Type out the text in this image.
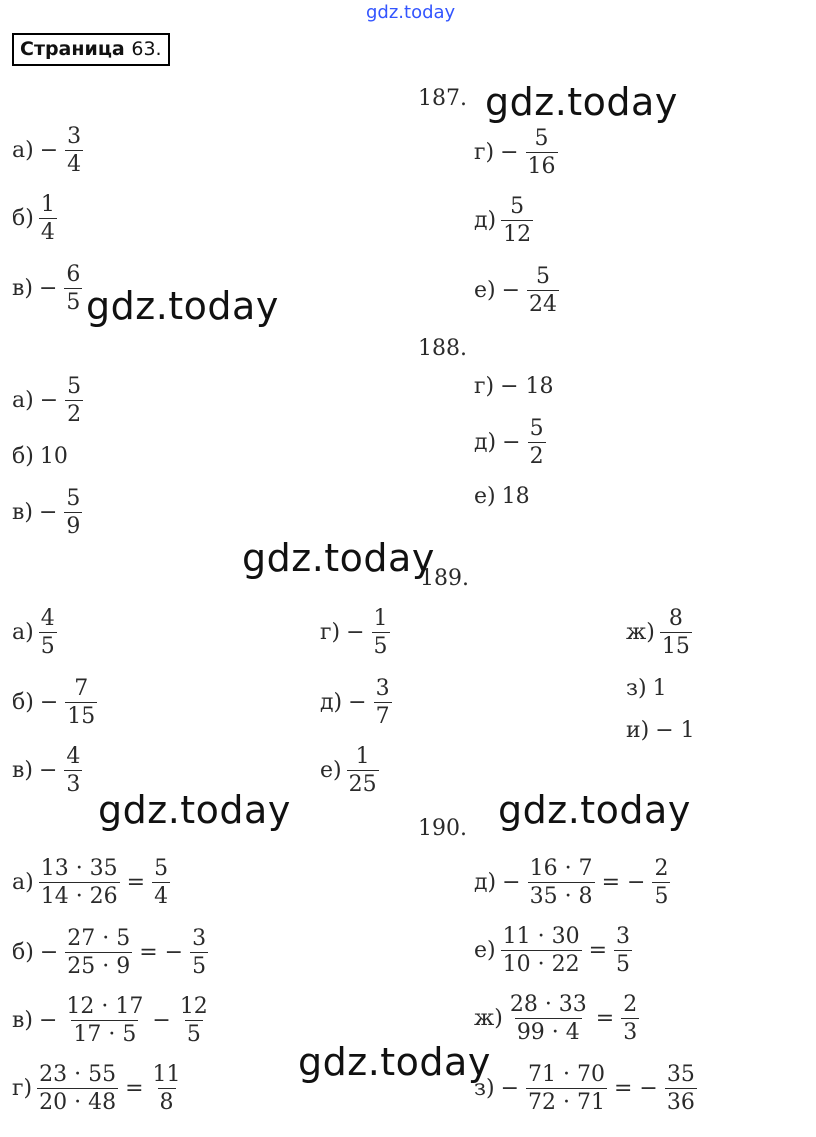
gdz.today
Страница 63.
187.
188.
189.
190.
gdz.today
gdz.today
gdz.today
gdz.today	gdz.today
gdz.today
$а) - \frac{3}{4}$
$б) \frac{1}{4}$
$в) - \frac{6}{5}$
$г) - \frac{5}{16}$
$д) \frac{5}{12}$
$е) - \frac{5}{24}$
$а) - \frac{5}{2}$
б) 10
$в) - \frac{5}{9}$
г) − 18
$д) - \frac{5}{2}$
е) 18
$а) \frac{4}{5}$
$б) - \frac{7}{15}$
$в) - \frac{4}{3}$
$г) - \frac{1}{5}$
$д) - \frac{3}{7}$
$е) \frac{1}{25}$
$ж) \frac{8}{15}$
з) 1
и) − 1
$а) \frac{13 \cdot 35}{14 \cdot 26} = \frac{5}{4}$
$б) - \frac{27 \cdot 5}{25 \cdot 9}$ = − $\frac{3}{5}$
$в) - \frac{12 \cdot 17}{17 \cdot 5} - \frac{12}{5}$
$г) \frac{23 \cdot 55}{20 \cdot 48} = \frac{11}{8}$
$д) - \frac{16 \cdot 7}{35 \cdot 8}$ = − $\frac{2}{5}$
$е) \frac{11 \cdot 30}{10 \cdot 22} = \frac{3}{5}$
$ж) \frac{28 \cdot 33}{99 \cdot 4} = \frac{2}{3}$
$з) - \frac{71 \cdot 70}{72 \cdot 71}$ = − $\frac{35}{36}$
